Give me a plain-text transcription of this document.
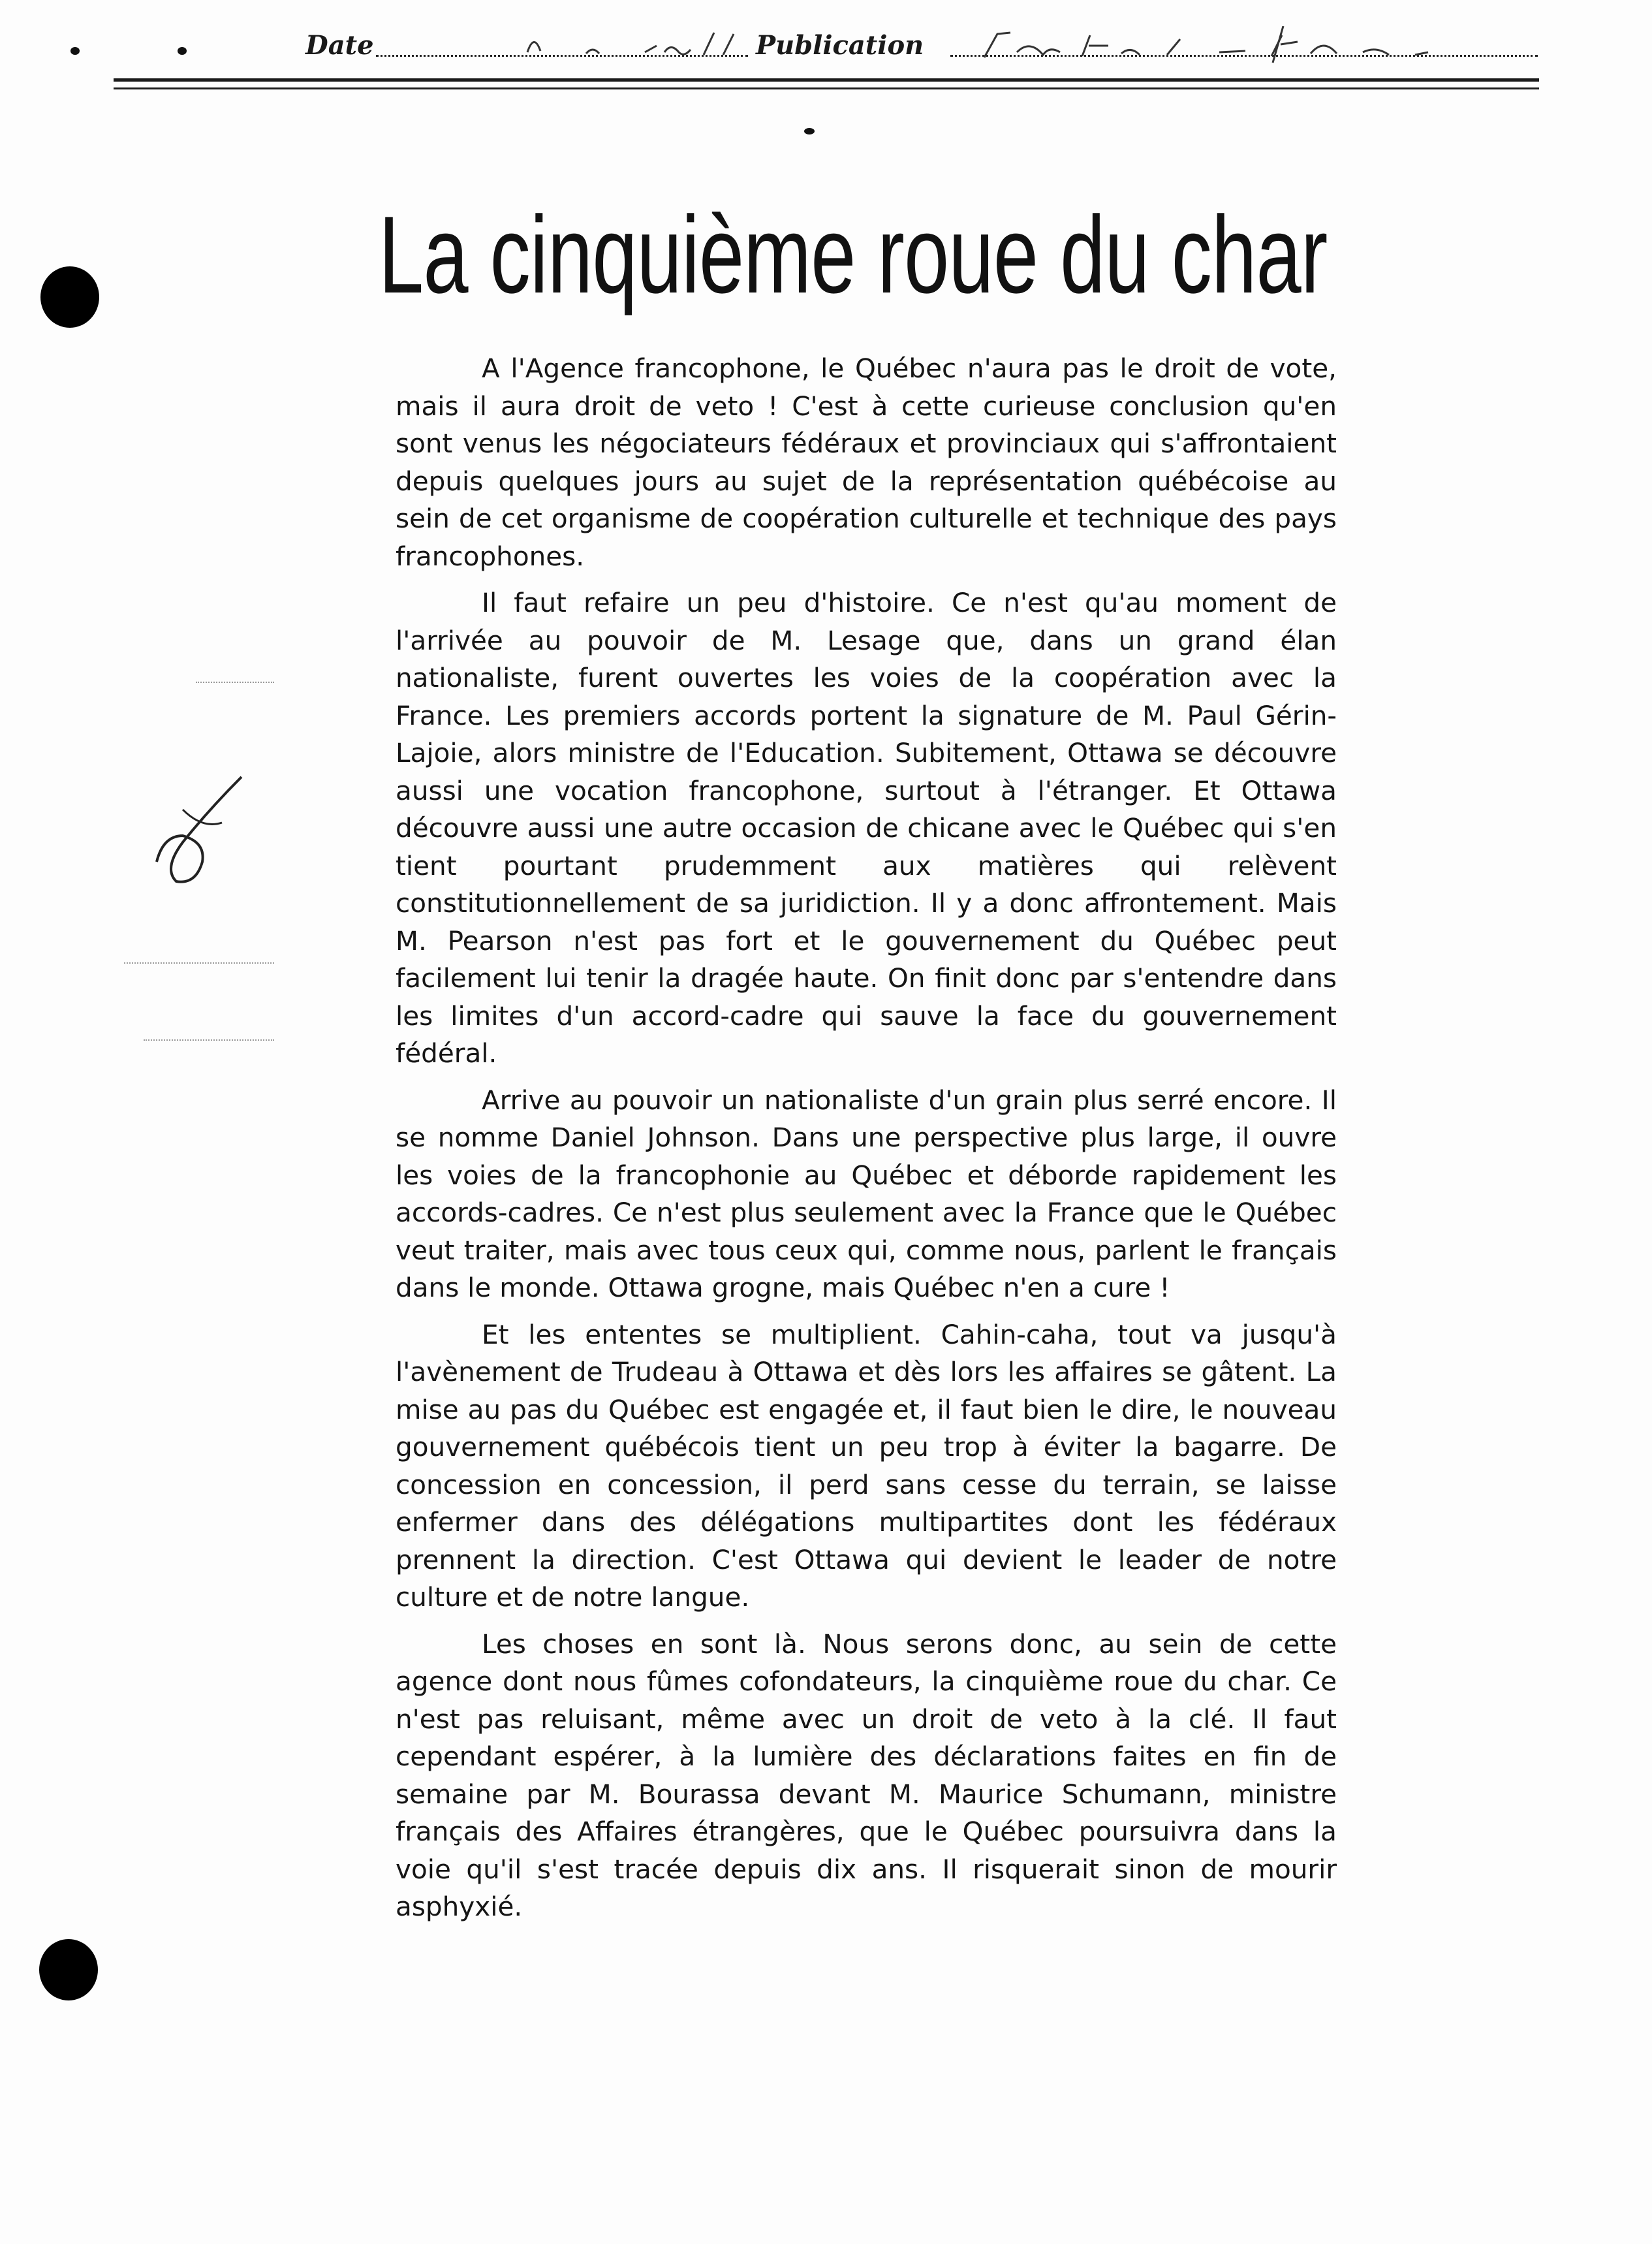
Date	Publication
La cinquième roue du char

A l'Agence francophone, le Québec n'aura pas le droit de vote, mais il aura droit de veto ! C'est à cette curieuse conclusion qu'en sont venus les négociateurs fédéraux et provinciaux qui s'affrontaient depuis quelques jours au sujet de la représentation québécoise au sein de cet organisme de coopération culturelle et technique des pays francophones.

Il faut refaire un peu d'histoire. Ce n'est qu'au moment de l'arrivée au pouvoir de M. Lesage que, dans un grand élan nationaliste, furent ouvertes les voies de la coopération avec la France. Les premiers accords portent la signature de M. Paul Gérin-Lajoie, alors ministre de l'Education. Subitement, Ottawa se découvre aussi une vocation francophone, surtout à l'étranger. Et Ottawa découvre aussi une autre occasion de chicane avec le Québec qui s'en tient pourtant prudemment aux matières qui relèvent constitutionnellement de sa juridiction. Il y a donc affrontement. Mais M. Pearson n'est pas fort et le gouvernement du Québec peut facilement lui tenir la dragée haute. On finit donc par s'entendre dans les limites d'un accord-cadre qui sauve la face du gouvernement fédéral.

Arrive au pouvoir un nationaliste d'un grain plus serré encore. Il se nomme Daniel Johnson. Dans une perspective plus large, il ouvre les voies de la francophonie au Québec et déborde rapidement les accords-cadres. Ce n'est plus seulement avec la France que le Québec veut traiter, mais avec tous ceux qui, comme nous, parlent le français dans le monde. Ottawa grogne, mais Québec n'en a cure !

Et les ententes se multiplient. Cahin-caha, tout va jusqu'à l'avènement de Trudeau à Ottawa et dès lors les affaires se gâtent. La mise au pas du Québec est engagée et, il faut bien le dire, le nouveau gouvernement québécois tient un peu trop à éviter la bagarre. De concession en concession, il perd sans cesse du terrain, se laisse enfermer dans des délégations multipartites dont les fédéraux prennent la direction. C'est Ottawa qui devient le leader de notre culture et de notre langue.

Les choses en sont là. Nous serons donc, au sein de cette agence dont nous fûmes cofondateurs, la cinquième roue du char. Ce n'est pas reluisant, même avec un droit de veto à la clé. Il faut cependant espérer, à la lumière des déclarations faites en fin de semaine par M. Bourassa devant M. Maurice Schumann, ministre français des Affaires étrangères, que le Québec poursuivra dans la voie qu'il s'est tracée depuis dix ans. Il risquerait sinon de mourir asphyxié.
